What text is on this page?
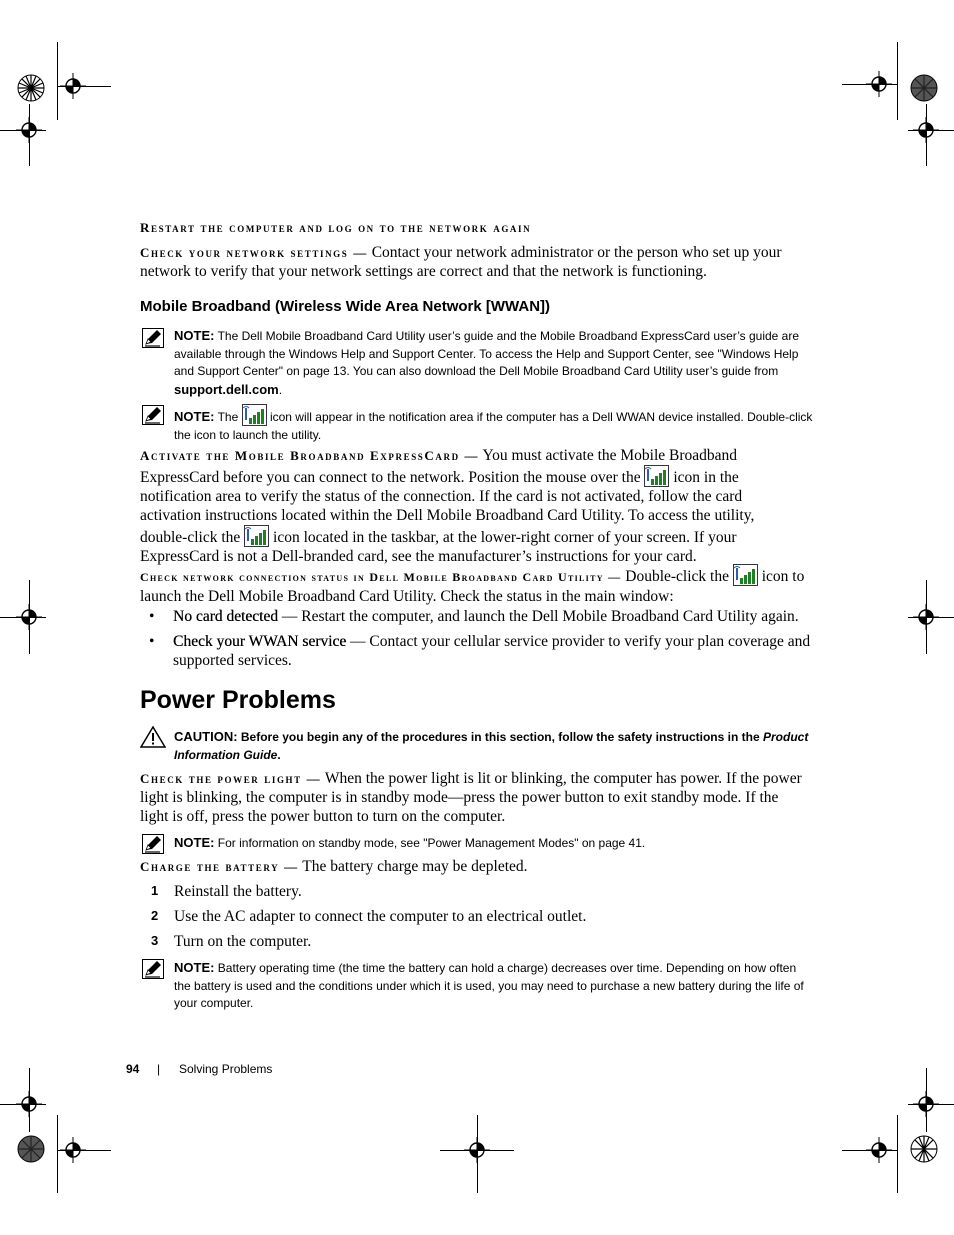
Restart the computer and log on to the network again
Check your network settings — Contact your network administrator or the person who set up your network to verify that your network settings are correct and that the network is functioning.
Mobile Broadband (Wireless Wide Area Network [WWAN])
NOTE: The Dell Mobile Broadband Card Utility user’s guide and the Mobile Broadband ExpressCard user’s guide are available through the Windows Help and Support Center. To access the Help and Support Center, see "Windows Help and Support Center" on page 13. You can also download the Dell Mobile Broadband Card Utility user’s guide from support.dell.com.
NOTE: The	icon will appear in the notification area if the computer has a Dell WWAN device installed. Double-click the icon to launch the utility.
Activate the Mobile Broadband ExpressCard — You must activate the Mobile Broadband ExpressCard before you can connect to the network. Position the mouse over the icon in the notification area to verify the status of the connection. If the card is not activated, follow the card activation instructions located within the Dell Mobile Broadband Card Utility. To access the utility, double-click the icon located in the taskbar, at the lower-right corner of your screen. If your ExpressCard is not a Dell-branded card, see the manufacturer’s instructions for your card.
Check network connection status in Dell Mobile Broadband Card Utility — Double-click the icon to launch the Dell Mobile Broadband Card Utility. Check the status in the main window:
• No card detected — Restart the computer, and launch the Dell Mobile Broadband Card Utility again.
• Check your WWAN service — Contact your cellular service provider to verify your plan coverage and supported services.
Power Problems
CAUTION: Before you begin any of the procedures in this section, follow the safety instructions in the Product Information Guide.
Check the power light — When the power light is lit or blinking, the computer has power. If the power light is blinking, the computer is in standby mode—press the power button to exit standby mode. If the light is off, press the power button to turn on the computer.
NOTE: For information on standby mode, see "Power Management Modes" on page 41.
Charge the battery — The battery charge may be depleted.
1 Reinstall the battery.
2 Use the AC adapter to connect the computer to an electrical outlet.
3 Turn on the computer.
NOTE: Battery operating time (the time the battery can hold a charge) decreases over time. Depending on how often the battery is used and the conditions under which it is used, you may need to purchase a new battery during the life of your computer.
94 | Solving Problems
